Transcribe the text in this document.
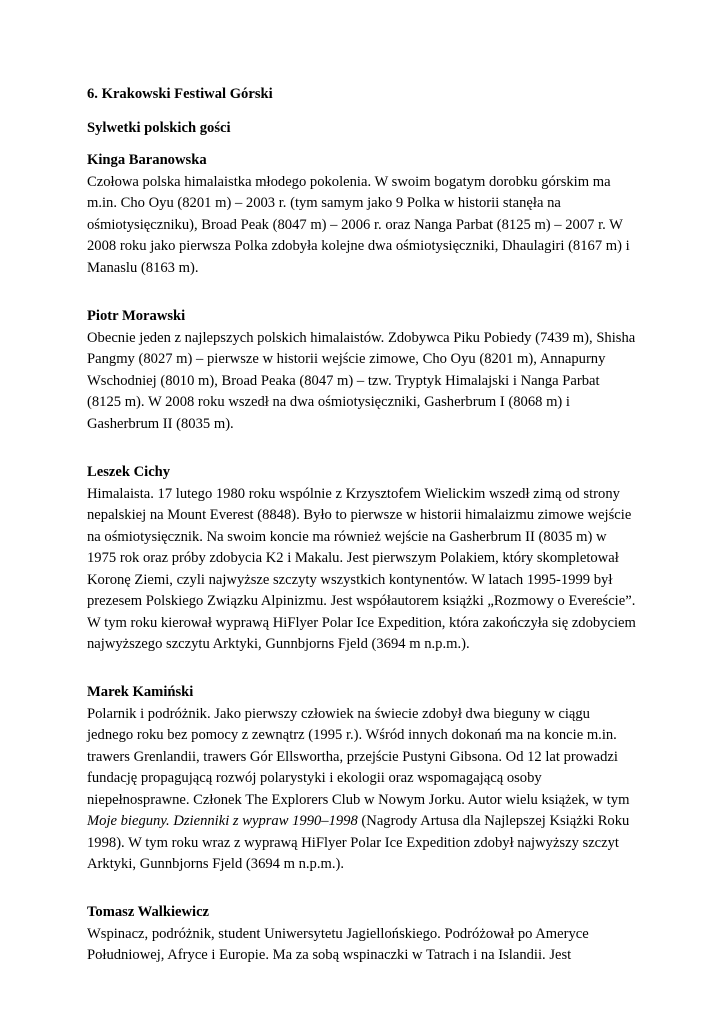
6. Krakowski Festiwal Górski

Sylwetki polskich gości

Kinga Baranowska

Czołowa polska himalaistka młodego pokolenia. W swoim bogatym dorobku górskim ma
m.in. Cho Oyu (8201 m) – 2003 r. (tym samym jako 9 Polka w historii stanęła na
ośmiotysięczniku), Broad Peak (8047 m) – 2006 r. oraz Nanga Parbat (8125 m) – 2007 r. W
2008 roku jako pierwsza Polka zdobyła kolejne dwa ośmiotysięczniki, Dhaulagiri (8167 m) i
Manaslu (8163 m).

Piotr Morawski

Obecnie jeden z najlepszych polskich himalaistów. Zdobywca Piku Pobiedy (7439 m), Shisha
Pangmy (8027 m) – pierwsze w historii wejście zimowe, Cho Oyu (8201 m), Annapurny
Wschodniej (8010 m), Broad Peaka (8047 m) – tzw. Tryptyk Himalajski i Nanga Parbat
(8125 m). W 2008 roku wszedł na dwa ośmiotysięczniki, Gasherbrum I (8068 m) i
Gasherbrum II (8035 m).

Leszek Cichy

Himalaista. 17 lutego 1980 roku wspólnie z Krzysztofem Wielickim wszedł zimą od strony
nepalskiej na Mount Everest (8848). Było to pierwsze w historii himalaizmu zimowe wejście
na ośmiotysięcznik. Na swoim koncie ma również wejście na Gasherbrum II (8035 m) w
1975 rok oraz próby zdobycia K2 i Makalu. Jest pierwszym Polakiem, który skompletował
Koronę Ziemi, czyli najwyższe szczyty wszystkich kontynentów. W latach 1995-1999 był
prezesem Polskiego Związku Alpinizmu. Jest współautorem książki „Rozmowy o Evereście”.
W tym roku kierował wyprawą HiFlyer Polar Ice Expedition, która zakończyła się zdobyciem
najwyższego szczytu Arktyki, Gunnbjorns Fjeld (3694 m n.p.m.).

Marek Kamiński

Polarnik i podróżnik. Jako pierwszy człowiek na świecie zdobył dwa bieguny w ciągu
jednego roku bez pomocy z zewnątrz (1995 r.). Wśród innych dokonań ma na koncie m.in.
trawers Grenlandii, trawers Gór Ellswortha, przejście Pustyni Gibsona. Od 12 lat prowadzi
fundację propagującą rozwój polarystyki i ekologii oraz wspomagającą osoby
niepełnosprawne. Członek The Explorers Club w Nowym Jorku. Autor wielu książek, w tym
Moje bieguny. Dzienniki z wypraw 1990–1998 (Nagrody Artusa dla Najlepszej Książki Roku
1998). W tym roku wraz z wyprawą HiFlyer Polar Ice Expedition zdobył najwyższy szczyt
Arktyki, Gunnbjorns Fjeld (3694 m n.p.m.).

Tomasz Walkiewicz

Wspinacz, podróżnik, student Uniwersytetu Jagiellońskiego. Podróżował po Ameryce
Południowej, Afryce i Europie. Ma za sobą wspinaczki w Tatrach i na Islandii. Jest
